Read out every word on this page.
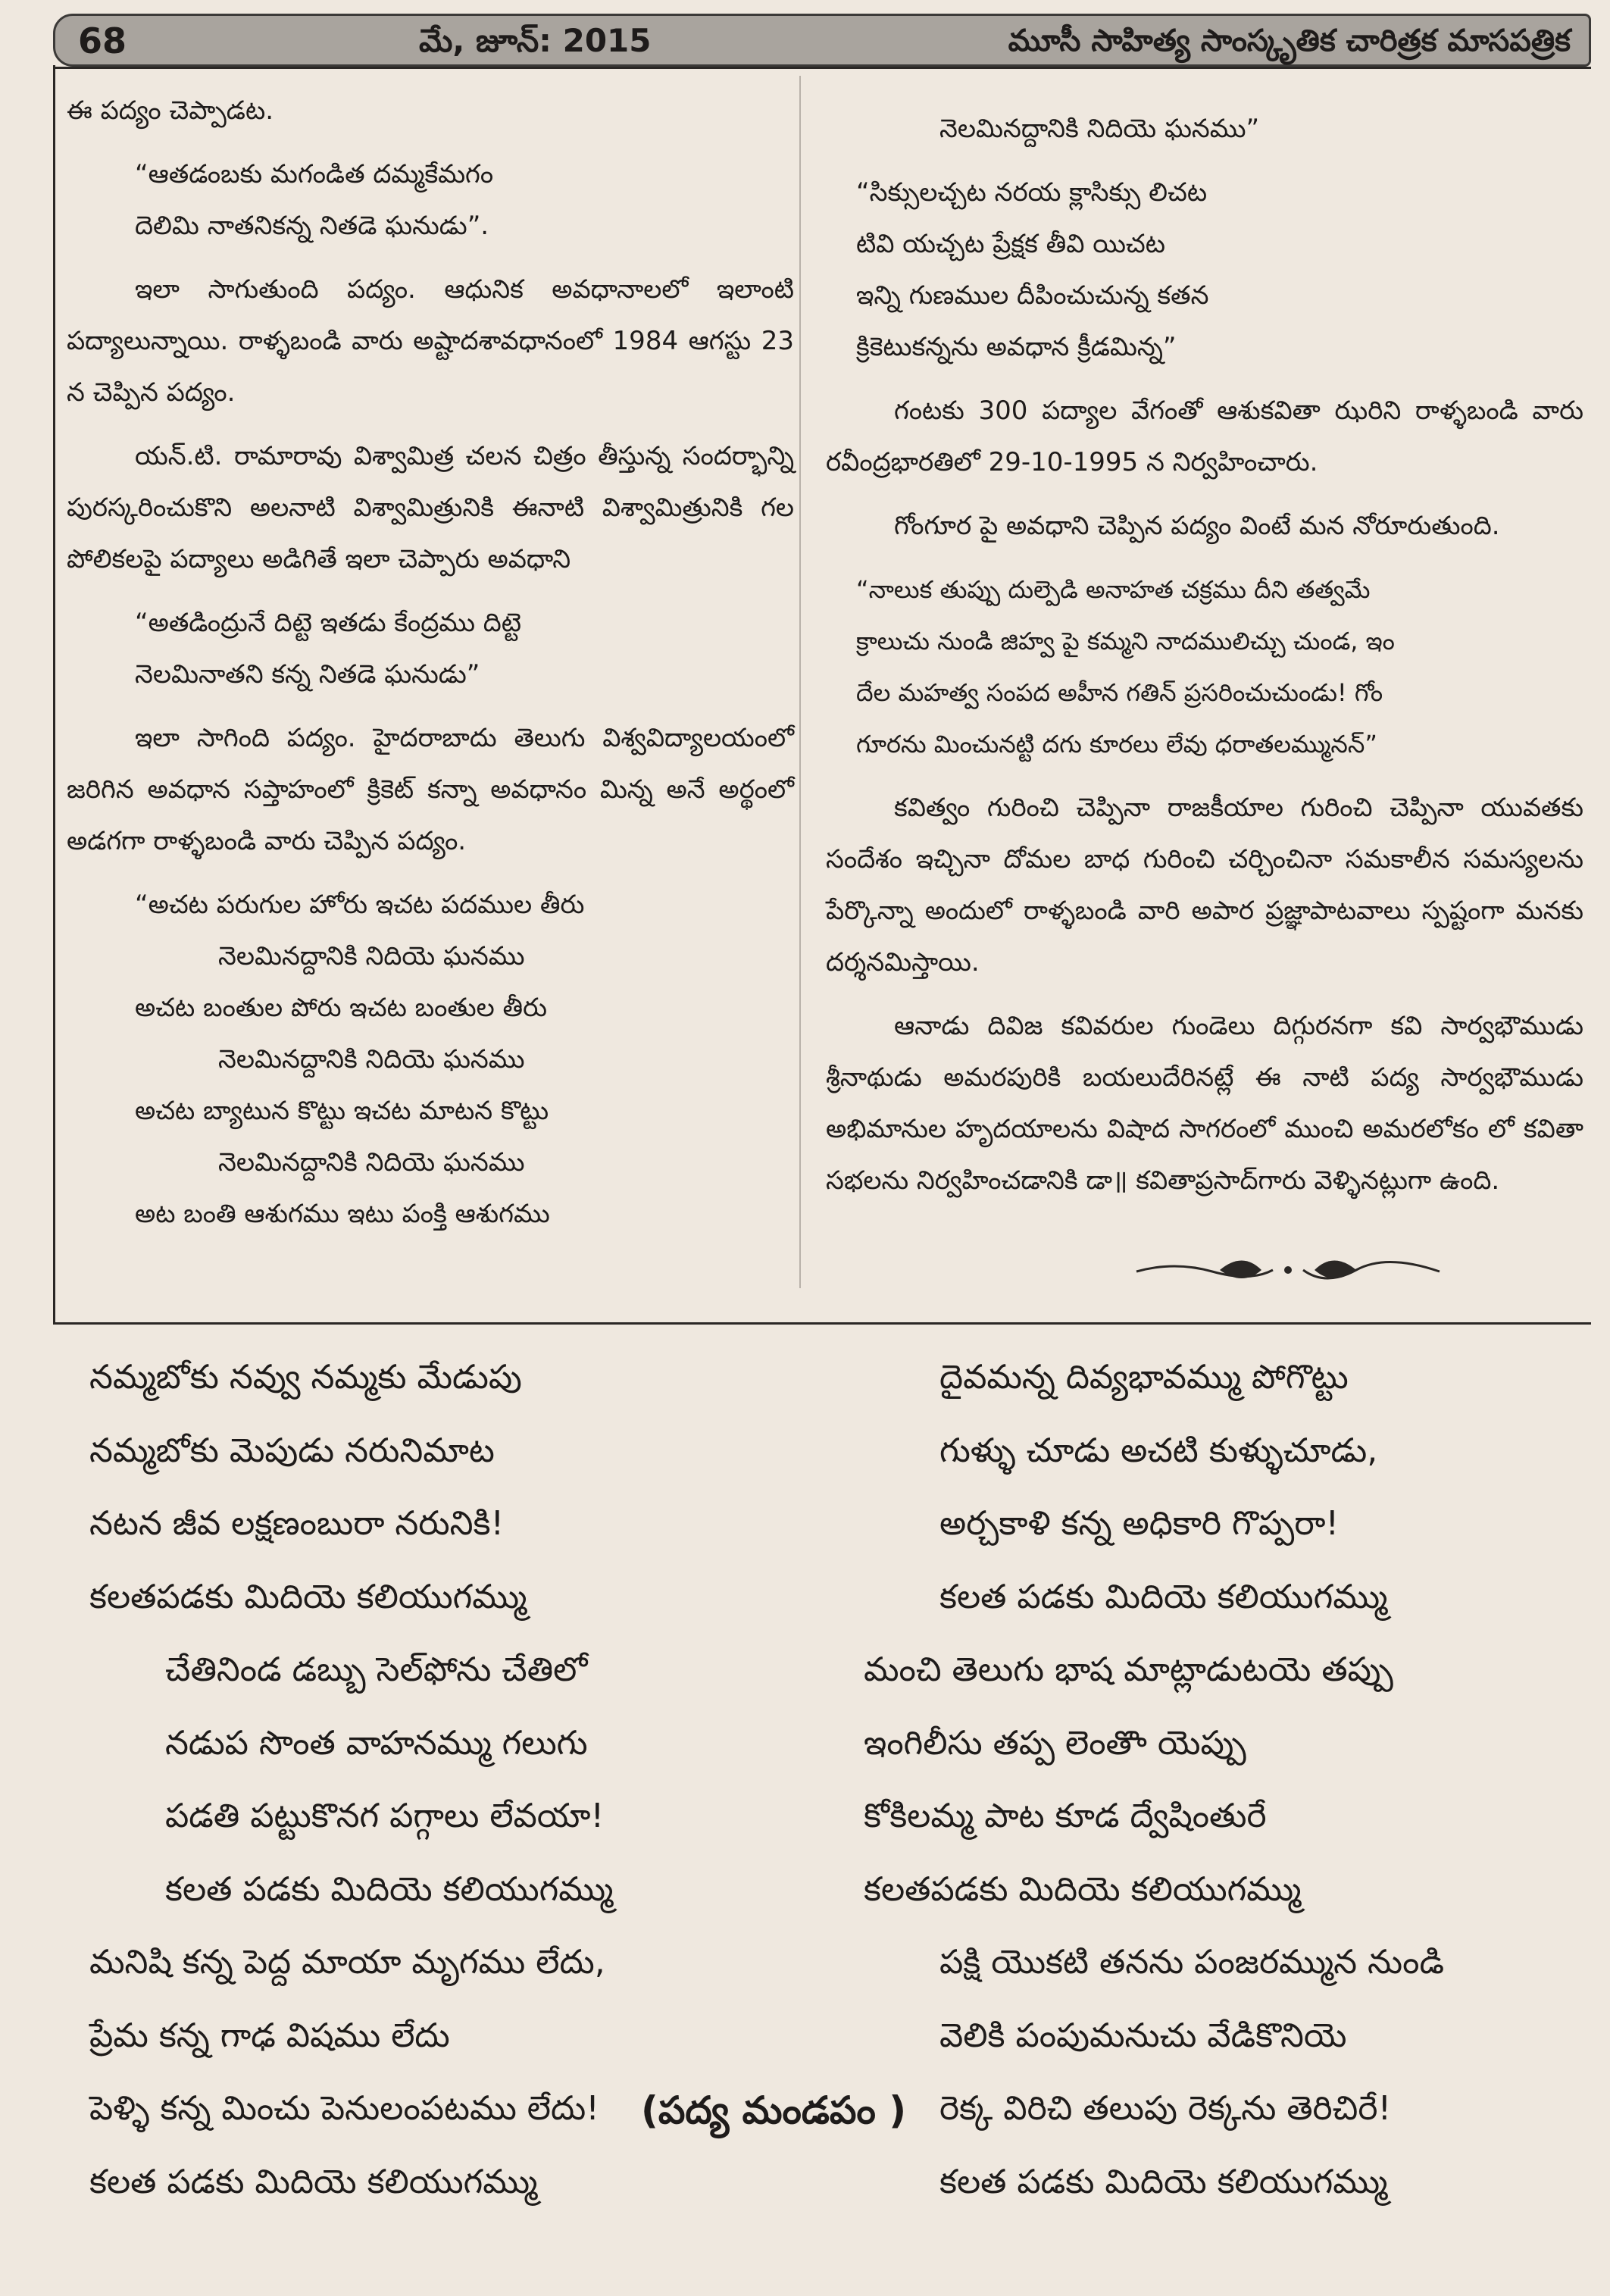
68	మే, జూన్: 2015	మూసీ సాహిత్య సాంస్కృతిక చారిత్రక మాసపత్రిక

ఈ పద్యం చెప్పాడట.

“ఆతడంబకు మగండిత దమ్మకేమగం
దెలిమి నాతనికన్న నితడె ఘనుడు”.

ఇలా సాగుతుంది పద్యం. ఆధునిక అవధానాలలో ఇలాంటి పద్యాలున్నాయి. రాళ్ళబండి వారు అష్టాదశావధానంలో 1984 ఆగస్టు 23 న చెప్పిన పద్యం.

యన్.టి. రామారావు విశ్వామిత్ర చలన చిత్రం తీస్తున్న సందర్భాన్ని పురస్కరించుకొని అలనాటి విశ్వామిత్రునికి ఈనాటి విశ్వామిత్రునికి గల పోలికలపై పద్యాలు అడిగితే ఇలా చెప్పారు అవధాని

“అతడింద్రునే దిట్టె ఇతడు కేంద్రము దిట్టె
నెలమినాతని కన్న నితడె ఘనుడు”

ఇలా సాగింది పద్యం. హైదరాబాదు తెలుగు విశ్వవిద్యాలయంలో జరిగిన అవధాన సప్తాహంలో క్రికెట్ కన్నా అవధానం మిన్న అనే అర్థంలో అడగగా రాళ్ళబండి వారు చెప్పిన పద్యం.

“అచట పరుగుల హోరు ఇచట పదముల తీరు
నెలమినద్దానికి నిదియె ఘనము
అచట బంతుల పోరు ఇచట బంతుల తీరు
నెలమినద్దానికి నిదియె ఘనము
అచట బ్యాటున కొట్టు ఇచట మాటన కొట్టు
నెలమినద్దానికి నిదియె ఘనము
అట బంతి ఆశుగము ఇటు పంక్తి ఆశుగము
నెలమినద్దానికి నిదియె ఘనము”
“సిక్సులచ్చట నరయ క్లాసిక్సు లిచట
టివి యచ్చట ప్రేక్షక తీవి యిచట
ఇన్ని గుణముల దీపించుచున్న కతన
క్రికెటుకన్నను అవధాన క్రీడమిన్న”

గంటకు 300 పద్యాల వేగంతో ఆశుకవితా ఝరిని రాళ్ళబండి వారు రవీంద్రభారతిలో 29-10-1995 న నిర్వహించారు.

గోంగూర పై అవధాని చెప్పిన పద్యం వింటే మన నోరూరుతుంది.

“నాలుక తుప్పు దుల్పెడి అనాహత చక్రము దీని తత్వమే
క్రాలుచు నుండి జిహ్వ పై కమ్మని నాదములిచ్చు చుండ, ఇం
దేల మహత్వ సంపద అహీన గతిన్ ప్రసరించుచుండు! గోం
గూరను మించునట్టి దగు కూరలు లేవు ధరాతలమ్మునన్”

కవిత్వం గురించి చెప్పినా రాజకీయాల గురించి చెప్పినా యువతకు సందేశం ఇచ్చినా దోమల బాధ గురించి చర్చించినా సమకాలీన సమస్యలను పేర్కొన్నా అందులో రాళ్ళబండి వారి అపార ప్రజ్ఞాపాటవాలు స్పష్టంగా మనకు దర్శనమిస్తాయి.

ఆనాడు దివిజ కవివరుల గుండెలు దిగ్గురనగా కవి సార్వభౌముడు శ్రీనాథుడు అమరపురికి బయలుదేరినట్లే ఈ నాటి పద్య సార్వభౌముడు అభిమానుల హృదయాలను విషాద సాగరంలో ముంచి అమరలోకం లో కవితా సభలను నిర్వహించడానికి డా॥ కవితాప్రసాద్‌గారు వెళ్ళినట్లుగా ఉంది.

నమ్మబోకు నవ్వు నమ్మకు మేడుపు
నమ్మబోకు మెపుడు నరునిమాట
నటన జీవ లక్షణంబురా నరునికి!
కలతపడకు మిదియె కలియుగమ్ము
చేతినిండ డబ్బు సెల్‌ఫోను చేతిలో
నడుప సొంత వాహనమ్ము గలుగు
పడతి పట్టుకొనగ పగ్గాలు లేవయా!
కలత పడకు మిదియె కలియుగమ్ము
మనిషి కన్న పెద్ద మాయా మృగము లేదు,
ప్రేమ కన్న గాఢ విషము లేదు
పెళ్ళి కన్న మించు పెనులంపటము లేదు!
కలత పడకు మిదియె కలియుగమ్ము
దైవమన్న దివ్యభావమ్ము పోగొట్టు
గుళ్ళు చూడు అచటి కుళ్ళుచూడు,
అర్చకాళి కన్న అధికారి గొప్పరా!
కలత పడకు మిదియె కలియుగమ్ము
మంచి తెలుగు భాష మాట్లాడుటయె తప్పు
ఇంగిలీసు తప్ప లెంతొా యెప్పు
కోకిలమ్మ పాట కూడ ద్వేషింతురే
కలతపడకు మిదియె కలియుగమ్ము
పక్షి యొకటి తనను పంజరమ్మున నుండి
వెలికి పంపుమనుచు వేడికొనియె
రెక్క విరిచి తలుపు రెక్కను తెరిచిరే!
కలత పడకు మిదియె కలియుగమ్ము
(పద్య మండపం )
